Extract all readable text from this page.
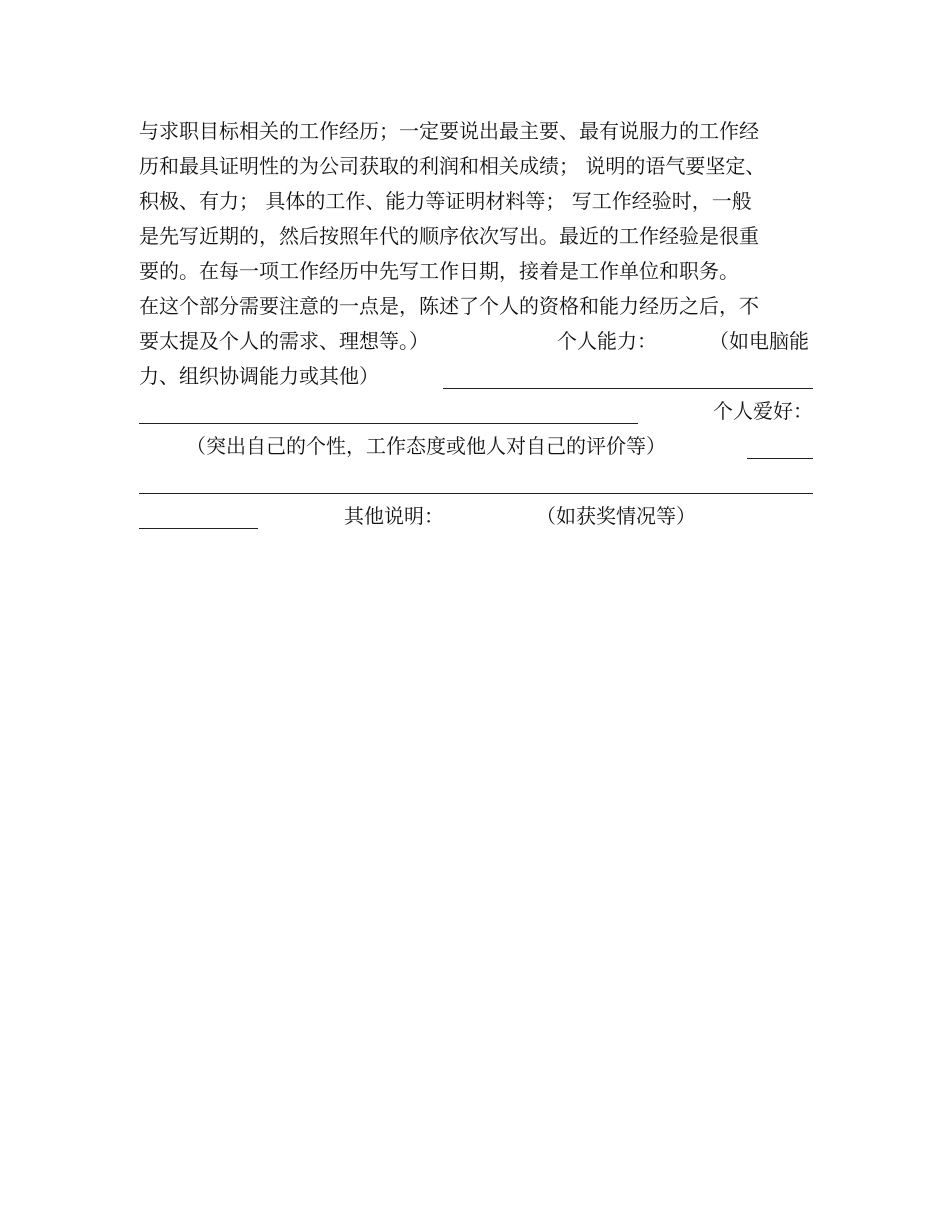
与求职目标相关的工作经历；一定要说出最主要、最有说服力的工作经
历和最具证明性的为公司获取的利润和相关成绩； 说明的语气要坚定、
积极、有力； 具体的工作、能力等证明材料等； 写工作经验时，一般
是先写近期的，然后按照年代的顺序依次写出。最近的工作经验是很重
要的。在每一项工作经历中先写工作日期，接着是工作单位和职务。
在这个部分需要注意的一点是，陈述了个人的资格和能力经历之后，不
要太提及个人的需求、理想等。）	个人能力：	（如电脑能
力、组织协调能力或其他）
个人爱好：
（突出自己的个性，工作态度或他人对自己的评价等）
其他说明：	（如获奖情况等）
